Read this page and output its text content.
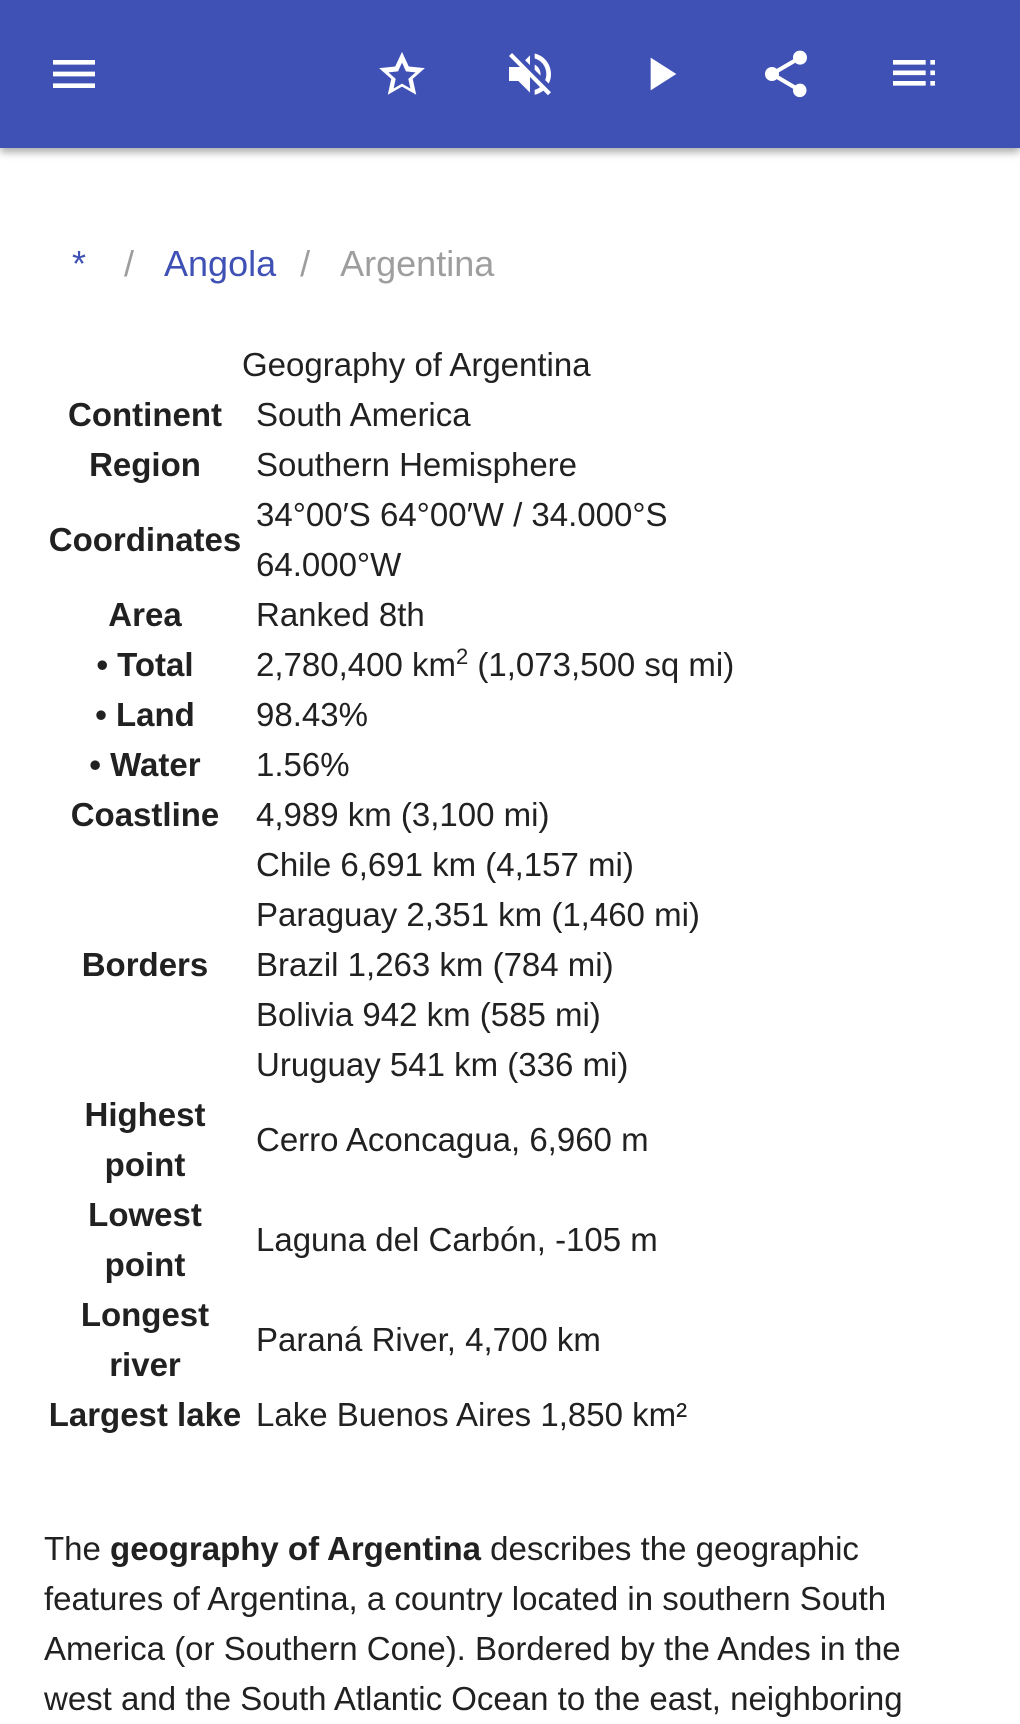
* / Angola / Argentina
Geography of Argentina	
Continent	South America
Region	Southern Hemisphere
Coordinates	34°00′S 64°00′W / 34.000°S
64.000°W

Area	Ranked 8th
• Total	2,780,400 $km^2$ (1,073,500 sq mi)
• Land	98.43%
• Water	1.56%
Coastline	4,989 km (3,100 mi)
Borders	Chile 6,691 km (4,157 mi)
Paraguay 2,351 km (1,460 mi)
Brazil 1,263 km (784 mi)
Bolivia 942 km (585 mi)
Uruguay 541 km (336 mi)

Highest
point	Cerro Aconcagua, 6,960 m

Lowest
point	Laguna del Carbón, -105 m

Longest
river	Paraná River, 4,700 km
Largest lake	Lake Buenos Aires 1,850 km²

The geography of Argentina describes the geographic features of Argentina, a country located in southern South America (or Southern Cone). Bordered by the Andes in the west and the South Atlantic Ocean to the east, neighboring
